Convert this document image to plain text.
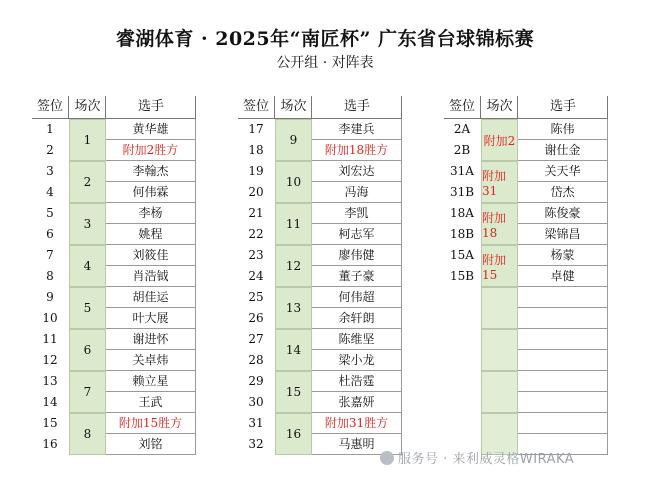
睿湖体育 · 2025年“南匠杯” 广东省台球锦标赛
公开组 · 对阵表
签位 场次	选手
1
1	黄华雄
2	附加2胜方
2
3	李翰杰
4	何伟霖
3
5	李杨
6	姚程
4
7	刘筱佳
8	肖浩钺
5
9	胡佳运
10	叶大展
6
11	谢进怀
12	关卓炜
7
13	赖立星
14	王武
8
15	附加15胜方
16	刘铭
签位 场次	选手
9
17	李建兵
18	附加18胜方
10
19	刘宏达
20	冯海
11
21	李凯
22	柯志军
12
23	廖伟健
24	董子豪
13
25	何伟超
26	余轩朗
14
27	陈维坚
28	梁小龙
15
29	杜浩霆
30	张嘉妍
16
31	附加31胜方
32	马惠明
签位 场次	选手
附加2
2A	陈伟
2B	谢仕金
附加31
31A	关天华
31B	岱杰
附加18
18A	陈俊豪
18B	梁锦昌
附加15
15A	杨蒙
15B	卓健
服务号 · 来利威灵格WIRAKA
